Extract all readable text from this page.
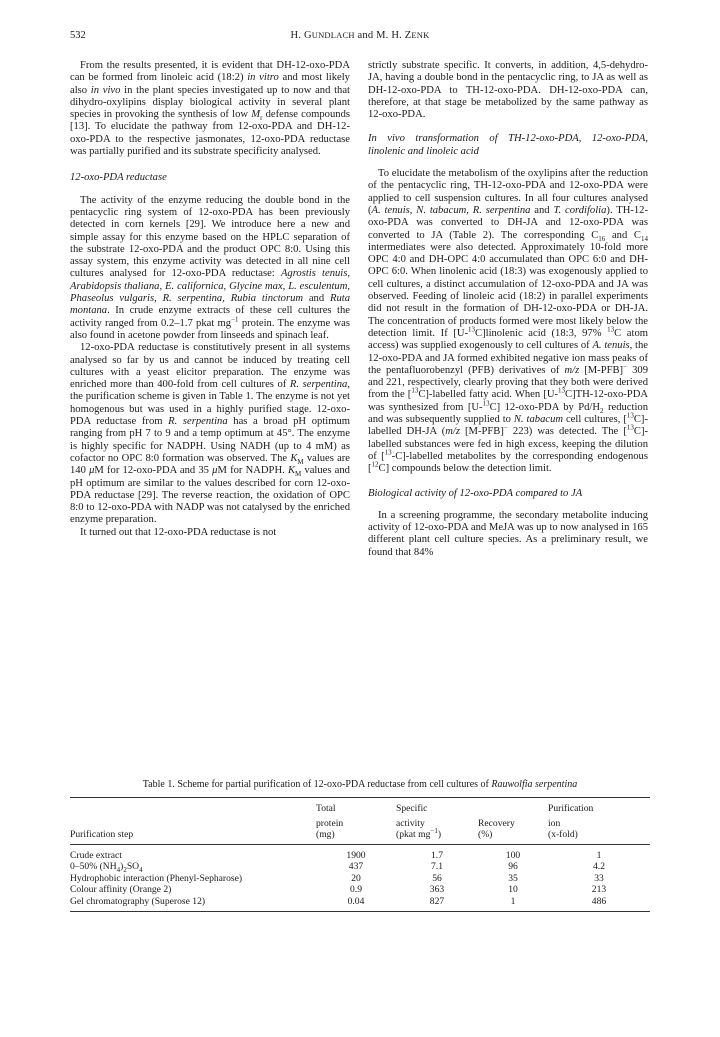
532	H. GUNDLACH and M. H. ZENK

From the results presented, it is evident that DH-12-oxo-PDA can be formed from linoleic acid (18:2) in vitro and most likely also in vivo in the plant species investigated up to now and that dihydro-oxylipins display biological activity in several plant species in provoking the synthesis of low $M_r$ defense compounds [13]. To elucidate the pathway from 12-oxo-PDA and DH-12-oxo-PDA to the respective jasmonates, 12-oxo-PDA reductase was partially purified and its substrate specificity analysed.

12-oxo-PDA reductase

The activity of the enzyme reducing the double bond in the pentacyclic ring system of 12-oxo-PDA has been previously detected in corn kernels [29]. We introduce here a new and simple assay for this enzyme based on the HPLC separation of the substrate 12-oxo-PDA and the product OPC 8:0. Using this assay system, this enzyme activity was detected in all nine cell cultures analysed for 12-oxo-PDA reductase: Agrostis tenuis, Arabidopsis thaliana, E. californica, Glycine max, L. esculentum, Phaseolus vulgaris, R. serpentina, Rubia tinctorum and Ruta montana. In crude enzyme extracts of these cell cultures the activity ranged from 0.2–1.7 pkat $mg^{-1}$ protein. The enzyme was also found in acetone powder from linseeds and spinach leaf.

12-oxo-PDA reductase is constitutively present in all systems analysed so far by us and cannot be induced by treating cell cultures with a yeast elicitor preparation. The enzyme was enriched more than 400-fold from cell cultures of R. serpentina, the purification scheme is given in Table 1. The enzyme is not yet homogenous but was used in a highly purified stage. 12-oxo-PDA reductase from R. serpentina has a broad pH optimum ranging from pH 7 to 9 and a temp optimum at 45°. The enzyme is highly specific for NADPH. Using NADH (up to 4 mM) as cofactor no OPC 8:0 formation was observed. The $K_M$ values are 140 μM for 12-oxo-PDA and 35 μM for NADPH. $K_M$ values and pH optimum are similar to the values described for corn 12-oxo-PDA reductase [29]. The reverse reaction, the oxidation of OPC 8:0 to 12-oxo-PDA with NADP was not catalysed by the enriched enzyme preparation.

It turned out that 12-oxo-PDA reductase is not

strictly substrate specific. It converts, in addition, 4,5-dehydro-JA, having a double bond in the pentacyclic ring, to JA as well as DH-12-oxo-PDA to TH-12-oxo-PDA. DH-12-oxo-PDA can, therefore, at that stage be metabolized by the same pathway as 12-oxo-PDA.

In vivo transformation of TH-12-oxo-PDA, 12-oxo-PDA, linolenic and linoleic acid

To elucidate the metabolism of the oxylipins after the reduction of the pentacyclic ring, TH-12-oxo-PDA and 12-oxo-PDA were applied to cell suspension cultures. In all four cultures analysed (A. tenuis, N. tabacum, R. serpentina and T. cordifolia). TH-12-oxo-PDA was converted to DH-JA and 12-oxo-PDA was converted to JA (Table 2). The corresponding $C_{16}$ and $C_{14}$ intermediates were also detected. Approximately 10-fold more OPC 4:0 and DH-OPC 4:0 accumulated than OPC 6:0 and DH-OPC 6:0. When linolenic acid (18:3) was exogenously applied to cell cultures, a distinct accumulation of 12-oxo-PDA and JA was observed. Feeding of linoleic acid (18:2) in parallel experiments did not result in the formation of DH-12-oxo-PDA or DH-JA. The concentration of products formed were most likely below the detection limit. If [U-$^{13}$C]linolenic acid (18:3, 97% $^{13}$C atom access) was supplied exogenously to cell cultures of A. tenuis, the 12-oxo-PDA and JA formed exhibited negative ion mass peaks of the pentafluorobenzyl (PFB) derivatives of m/z [M-PFB]− 309 and 221, respectively, clearly proving that they both were derived from the [$^{13}$C]-labelled fatty acid. When [U-$^{13}$C]TH-12-oxo-PDA was synthesized from [U-$^{13}$C] 12-oxo-PDA by $Pd/H_2$ reduction and was subsequently supplied to N. tabacum cell cultures, [$^{13}$C]-labelled DH-JA (m/z [M-PFB]− 223) was detected. The [$^{13}$C]-labelled substances were fed in high excess, keeping the dilution of [$^{13}$-C]-labelled metabolites by the corresponding endogenous [$^{12}$C] compounds below the detection limit.

Biological activity of 12-oxo-PDA compared to JA

In a screening programme, the secondary metabolite inducing activity of 12-oxo-PDA and MeJA was up to now analysed in 165 different plant cell culture species. As a preliminary result, we found that 84%

Table 1. Scheme for partial purification of 12-oxo-PDA reductase from cell cultures of Rauwolfia serpentina
	Total	Specific		Purification
	protein	activity	Recovery	ion
Purification step	(mg)	(pkat $mg^{-1}$)	(%)	(x-fold)
Crude extract	1900	1.7	100	1
0–50% $(NH_4)_2SO_4$	437	7.1	96	4.2
Hydrophobic interaction (Phenyl-Sepharose)	20	56	35	33
Colour affinity (Orange 2)	0.9	363	10	213
Gel chromatography (Superose 12)	0.04	827	1	486
